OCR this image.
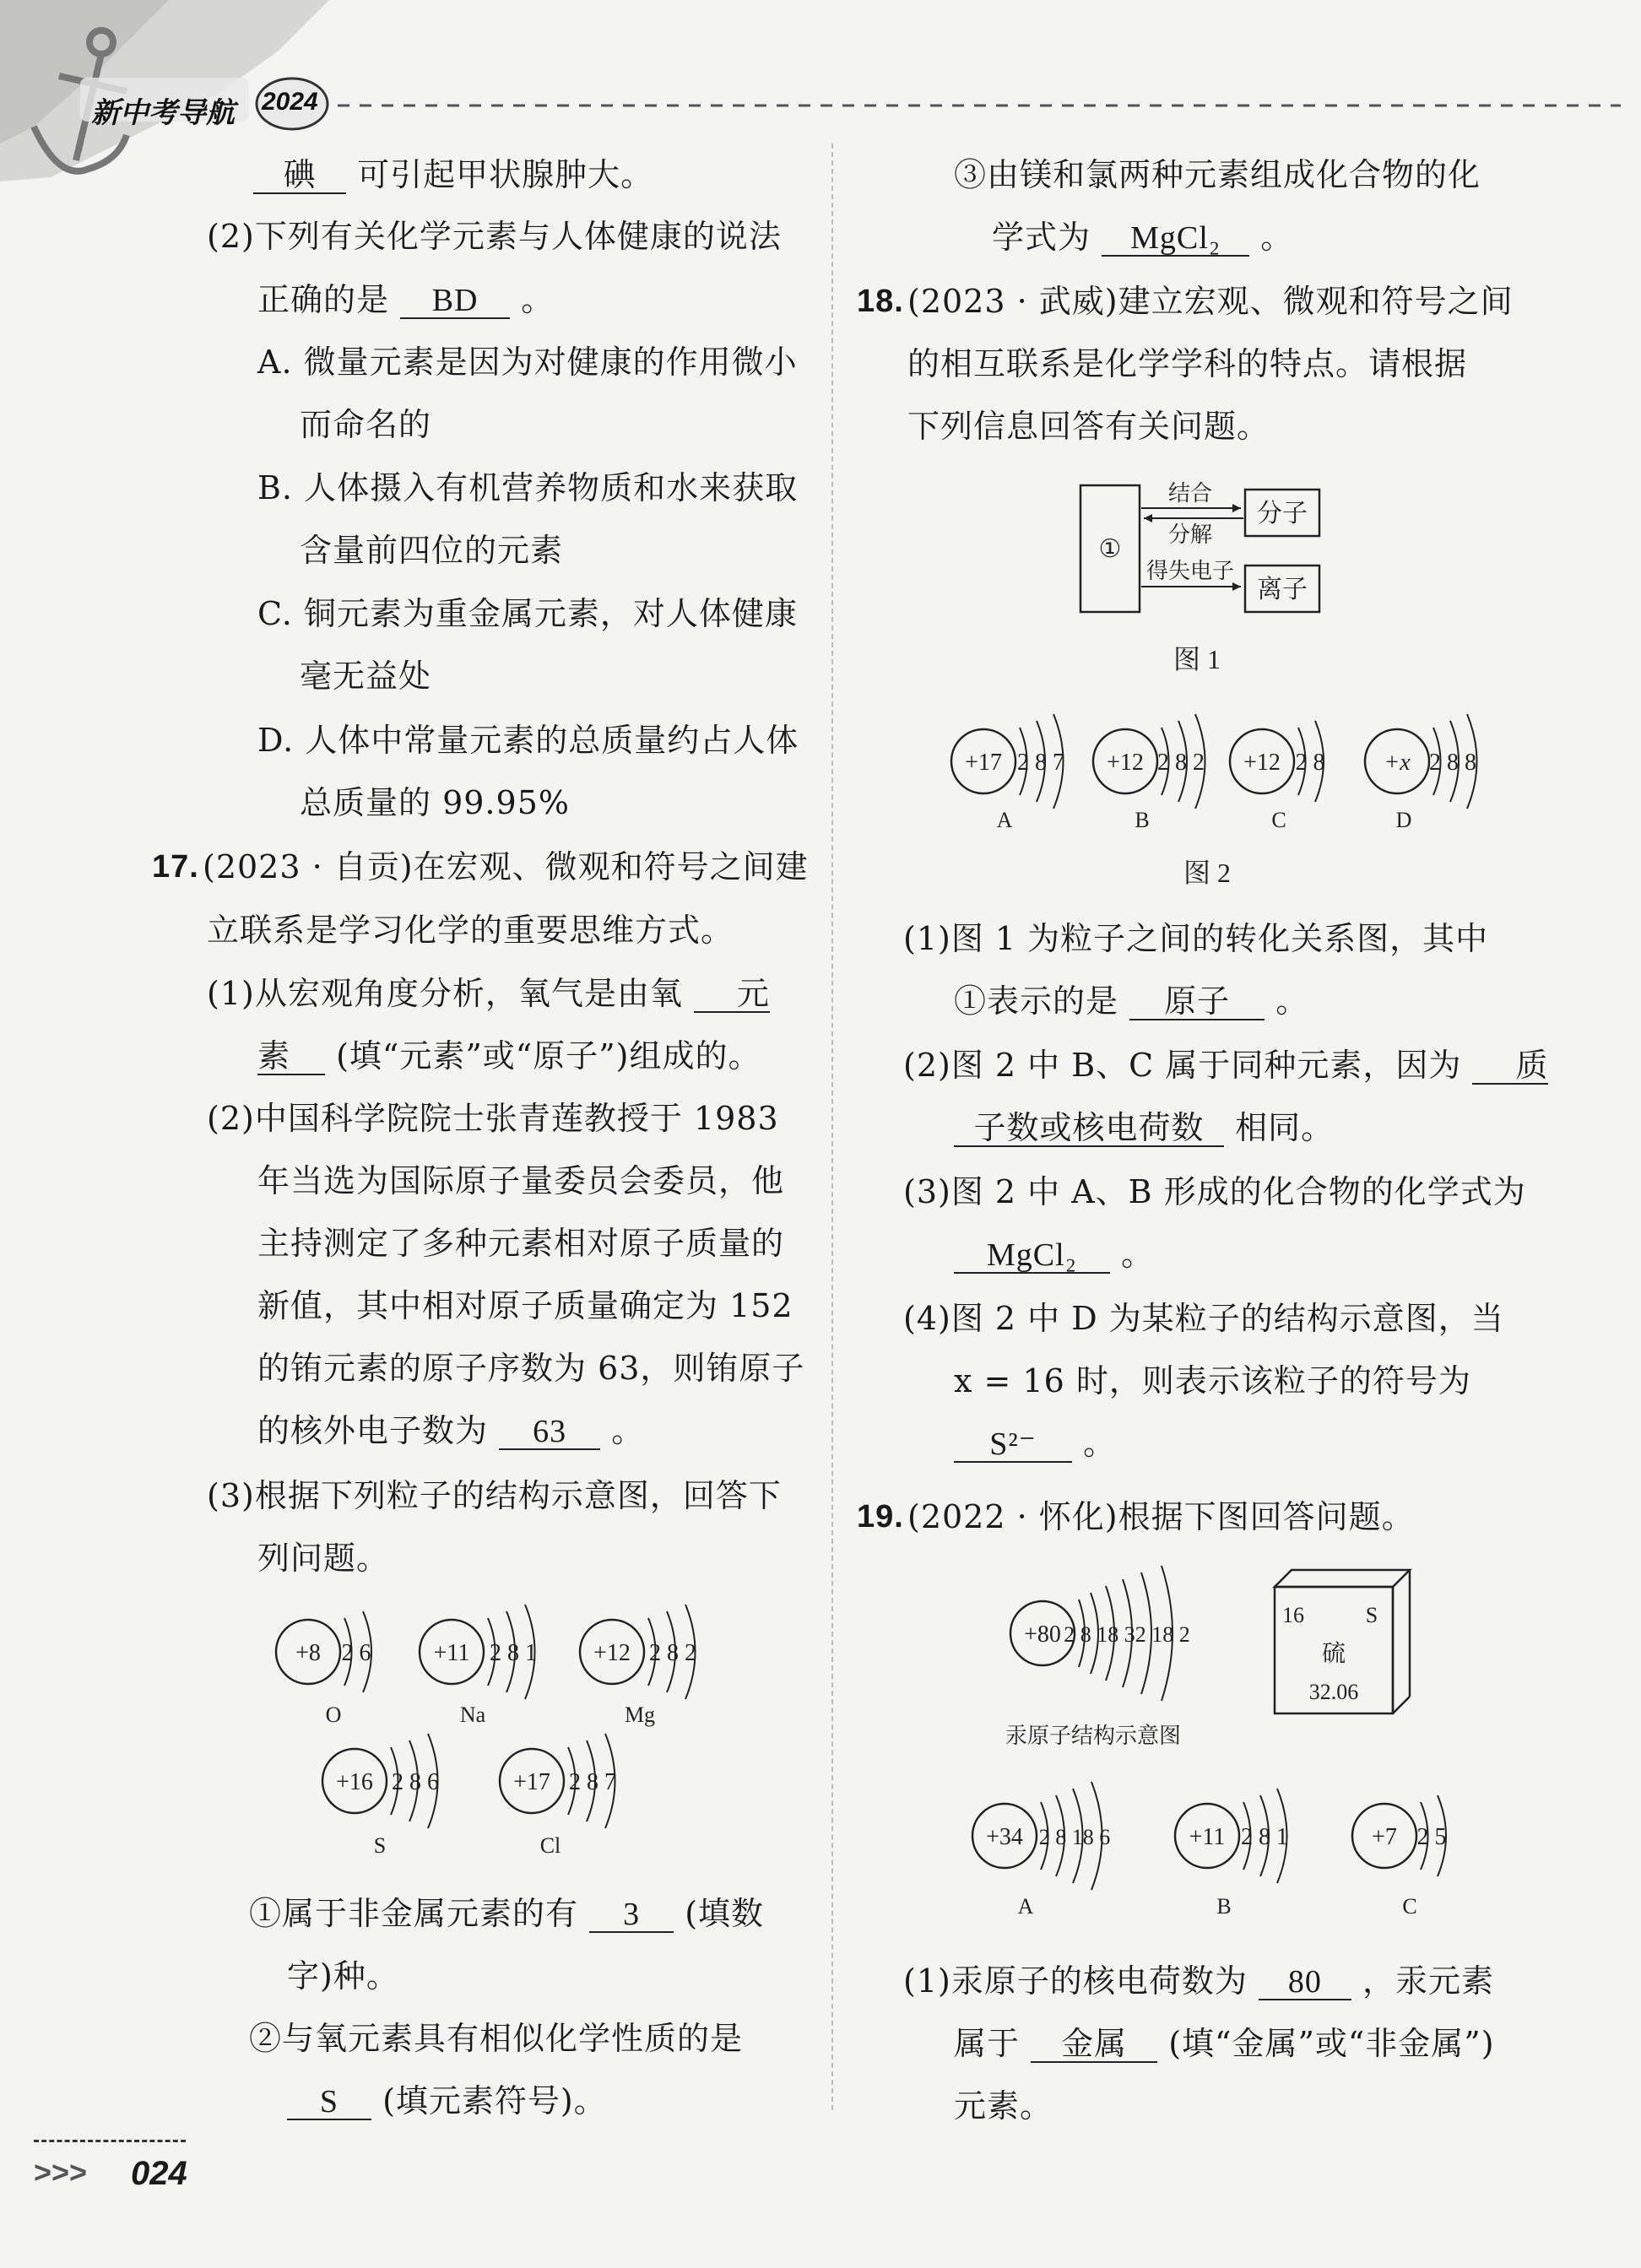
新中考导航 2024
碘 可引起甲状腺肿大。
(2)下列有关化学元素与人体健康的说法
正确的是 BD 。
A. 微量元素是因为对健康的作用微小
而命名的
B. 人体摄入有机营养物质和水来获取
含量前四位的元素
C. 铜元素为重金属元素，对人体健康
毫无益处
D. 人体中常量元素的总质量约占人体
总质量的 99.95%
17. (2023 · 自贡)在宏观、微观和符号之间建
立联系是学习化学的重要思维方式。
(1)从宏观角度分析，氧气是由氧 元
素 (填“元素”或“原子”)组成的。
(2)中国科学院院士张青莲教授于 1983
年当选为国际原子量委员会委员，他
主持测定了多种元素相对原子质量的
新值，其中相对原子质量确定为 152
的铕元素的原子序数为 63，则铕原子
的核外电子数为 63 。
(3)根据下列粒子的结构示意图，回答下
列问题。
+8 2 6
O
+11 2 8 1
Na
+12 2 8 2
Mg
+16 2 8 6
S
+17 2 8 7
Cl
①属于非金属元素的有 3 (填数
字)种。
②与氧元素具有相似化学性质的是
S (填元素符号)。
>>> 024
③由镁和氯两种元素组成化合物的化
学式为 MgCl₂ 。
18. (2023 · 武威)建立宏观、微观和符号之间
的相互联系是化学学科的特点。请根据
下列信息回答有关问题。
①
分子
离子
结合
分解
得失电子
图 1
+17 2 8 7
A
+12 2 8 2
B
+12 2 8
C
+x 2 8 8
D
图 2
(1)图 1 为粒子之间的转化关系图，其中
①表示的是 原子 。
(2)图 2 中 B、C 属于同种元素，因为 质
子数或核电荷数 相同。
(3)图 2 中 A、B 形成的化合物的化学式为
MgCl₂ 。
(4)图 2 中 D 为某粒子的结构示意图，当
x = 16 时，则表示该粒子的符号为
S²⁻ 。
19. (2022 · 怀化)根据下图回答问题。
+80 2 8 18 32 18 2
汞原子结构示意图
16	S
硫
32.06
+34 2 8 18 6
A
+11 2 8 1
B
+7 2 5
C
(1)汞原子的核电荷数为 80 ，汞元素
属于 金属 (填“金属”或“非金属”)
元素。
